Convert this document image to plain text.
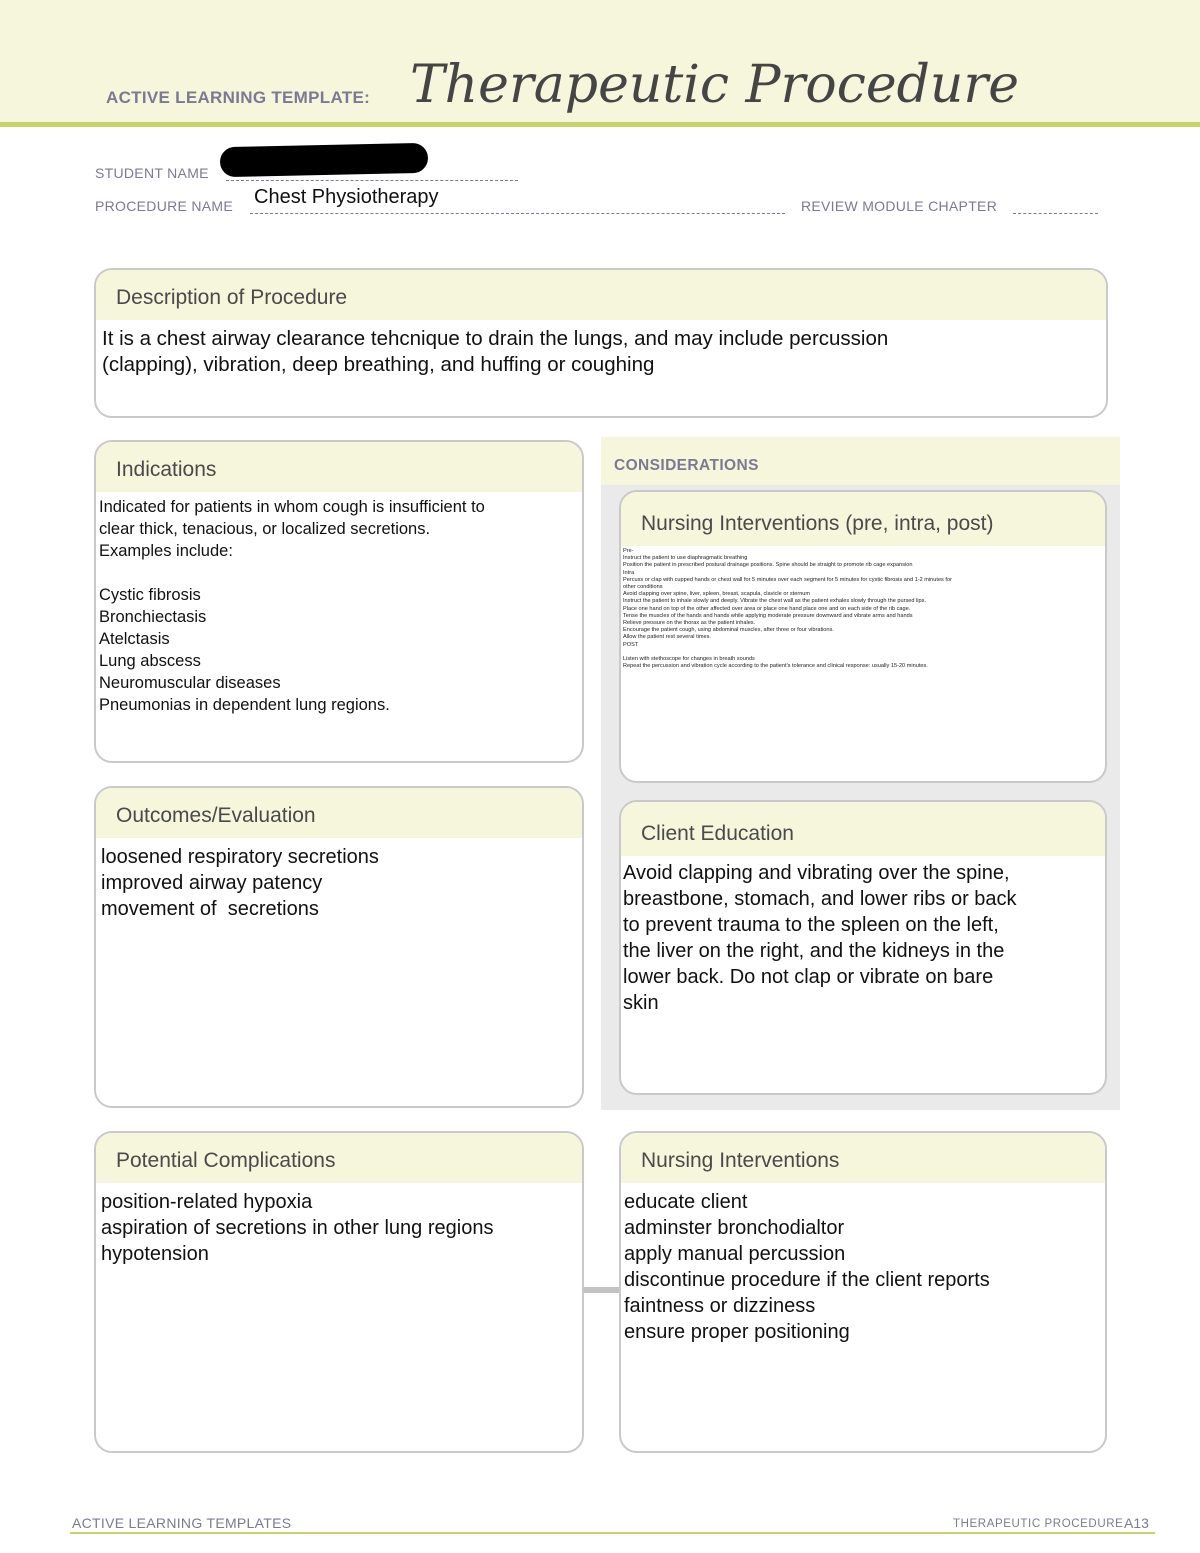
ACTIVE LEARNING TEMPLATE: Therapeutic Procedure
STUDENT NAME
PROCEDURE NAME Chest Physiotherapy	REVIEW MODULE CHAPTER
Description of Procedure
It is a chest airway clearance tehcnique to drain the lungs, and may include percussion
(clapping), vibration, deep breathing, and huffing or coughing
CONSIDERATIONS
Indications
Indicated for patients in whom cough is insufficient to
clear thick, tenacious, or localized secretions.
Examples include:
Cystic fibrosis
Bronchiectasis
Atelctasis
Lung abscess
Neuromuscular diseases
Pneumonias in dependent lung regions.
Nursing Interventions (pre, intra, post)
Pre-
Instruct the patient to use diaphragmatic breathing
Position the patient in prescribed postural drainage positions. Spine should be straight to promote rib cage expansion
Intra
Percuss or clap with cupped hands or chest wall for 5 minutes over each segment for 5 minutes for cystic fibrosis and 1-2 minutes for
other conditions
Avoid clapping over spine, liver, spleen, breast, scapula, clavicle or sternum
Instruct the patient to inhale slowly and deeply. Vibrate the chest wall as the patient exhales slowly through the pursed lips.
Place one hand on top of the other affected over area or place one hand place one and on each side of the rib cage.
Tense the muscles of the hands and hands while applying moderate pressure downward and vibrate arms and hands
Relieve pressure on the thorax as the patient inhales.
Encourage the patient cough, using abdominal muscles, after three or four vibrations.
Allow the patient rest several times.
POST
Listen with stethoscope for changes in breath sounds
Repeat the percussion and vibration cycle according to the patient's tolerance and clinical response: usually 15-20 minutes.
Outcomes/Evaluation
loosened respiratory secretions
improved airway patency
movement of  secretions
Client Education
Avoid clapping and vibrating over the spine,
breastbone, stomach, and lower ribs or back
to prevent trauma to the spleen on the left,
the liver on the right, and the kidneys in the
lower back. Do not clap or vibrate on bare
skin
Potential Complications
position-related hypoxia
aspiration of secretions in other lung regions
hypotension
Nursing Interventions
educate client
adminster bronchodialtor
apply manual percussion
discontinue procedure if the client reports
faintness or dizziness
ensure proper positioning
ACTIVE LEARNING TEMPLATES	THERAPEUTIC PROCEDURE A13
